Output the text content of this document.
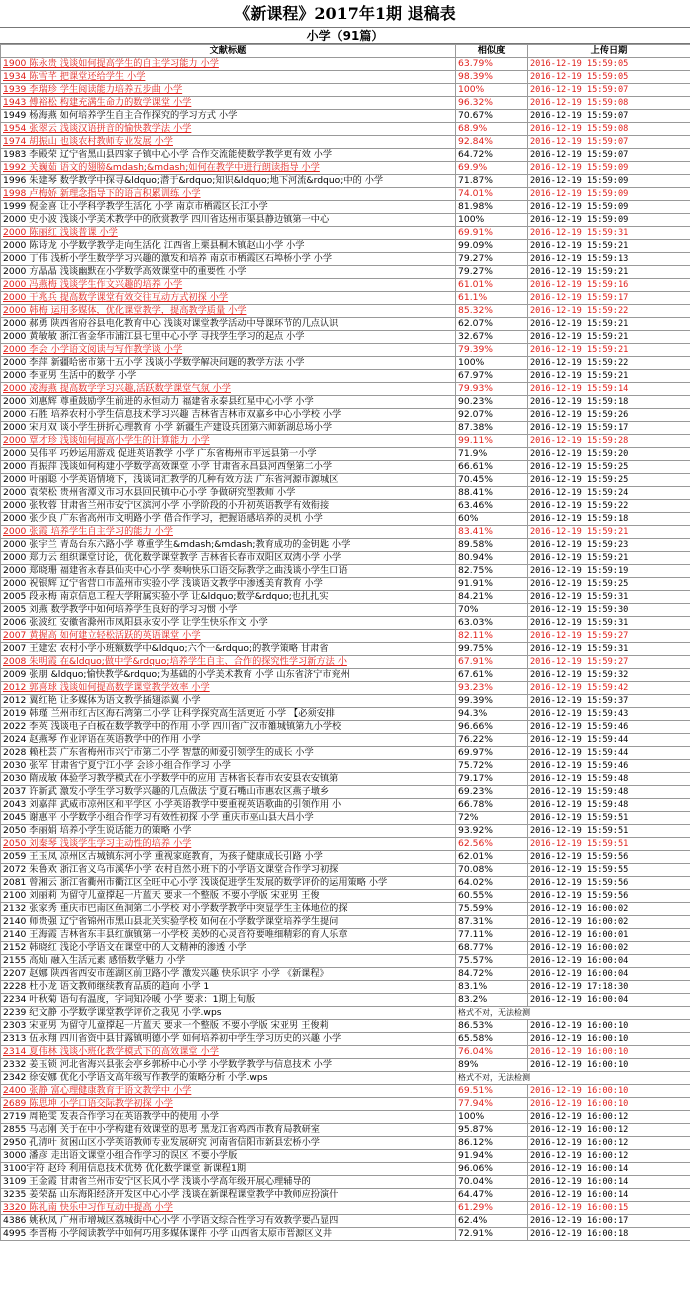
《新课程》2017年1期 退稿表
小学（91篇）
文献标题	相似度	上传日期
1900 陈永贵 浅谈如何提高学生的自主学习能力 小学	63.79%	2016-12-19 15:59:05
1934 陈雪芊 把课堂还给学生 小学	98.39%	2016-12-19 15:59:05
1939 李瑞珍 学生阅读能力培养五步曲 小学	100%	2016-12-19 15:59:07
1943 傅裕松 构建充满生命力的数学课堂 小学	96.32%	2016-12-19 15:59:08
1949 杨海燕 如何培养学生自主合作探究的学习方式 小学	70.67%	2016-12-19 15:59:07
1954 张翠云 浅谈汉语拼音的愉快教学法 小学	68.9%	2016-12-19 15:59:08
1974 胡振山 也谈农村教师专业发展 小学	92.84%	2016-12-19 15:59:07
1983 李殿荣 辽宁省黑山县四家子镇中心小学 合作交流能使数学教学更有效 小学	64.72%	2016-12-19 15:59:07
1992 关巍茹 语文的翅膀&mdash;&mdash;如何在教学中进行朗读指导 小学	69.9%	2016-12-19 15:59:09
1996 朱建琴 数学教学中探寻&ldquo;潜于&rdquo;知识&ldquo;地下河流&rdquo;中的 小学	71.87%	2016-12-19 15:59:09
1998 卢梅娇 新理念指导下的语言积累训练 小学	74.01%	2016-12-19 15:59:09
1999 倪金喜 让小学科学教学生活化 小学 南京市栖霞区长江小学	81.98%	2016-12-19 15:59:09
2000 史小波 浅谈小学美术教学中的欣赏教学 四川省达州市渠县静边镇第一中心	100%	2016-12-19 15:59:09
2000 陈丽红 浅谈普课 小学	69.91%	2016-12-19 15:59:31
2000 陈诗龙 小学数学教学走向生活化 江西省上栗县桐木镇赵山小学 小学	99.09%	2016-12-19 15:59:21
2000 丁伟 浅析小学生数学学习兴趣的激发和培养 南京市栖霞区石埠桥小学 小学	79.27%	2016-12-19 15:59:13
2000 方晶晶 浅谈幽默在小学数学高效课堂中的重要性 小学	79.27%	2016-12-19 15:59:21
2000 冯燕梅 浅谈学生作文兴趣的培养 小学	61.01%	2016-12-19 15:59:16
2000 干兆兵 提高数学课堂有效交往互动方式初探 小学	61.1%	2016-12-19 15:59:17
2000 韩梅 运用多媒体，优化课堂教学，提高教学质量 小学	85.32%	2016-12-19 15:59:22
2000 郝勇 陕西省府谷县电化教育中心 浅谈对课堂教学活动中导课环节的几点认识	62.07%	2016-12-19 15:59:21
2000 黄敏敏 浙江省金华市浦江县七里中心小学 寻找学生学习的起点 小学	32.67%	2016-12-19 15:59:21
2000 李会 小学语文阅读与写作教学谈 小学	79.39%	2016-12-19 15:59:21
2000 李萍 新疆哈密市第十五小学 浅谈小学数学解决问题的教学方法 小学	100%	2016-12-19 15:59:22
2000 李亚男 生活中的数学 小学	67.97%	2016-12-19 15:59:21
2000 凌海燕 提高数学学习兴趣,活跃数学课堂气氛 小学	79.93%	2016-12-19 15:59:14
2000 刘惠辉 尊重鼓励学生前进的永恒动力 福建省永泰县红星中心小学 小学	90.23%	2016-12-19 15:59:18
2000 石胜 培养农村小学生信息技术学习兴趣 吉林省吉林市双嘉乡中心小学校 小学	92.07%	2016-12-19 15:59:26
2000 宋月双 谈小学生拼折心理教育 小学 新疆生产建设兵团第六师新湖总场小学	87.38%	2016-12-19 15:59:17
2000 覃才珍 浅谈如何提高小学生的计算能力 小学	99.11%	2016-12-19 15:59:28
2000 吴伟平 巧妙运用游戏 促进英语教学 小学 广东省梅州市平远县第一小学	71.9%	2016-12-19 15:59:20
2000 肖振萍 浅谈如何构建小学数学高效课堂 小学 甘肃省永昌县河西堡第二小学	66.61%	2016-12-19 15:59:25
2000 叶丽聪 小学英语情境下，浅谈词汇教学的几种有效方法 广东省河源市源城区	70.45%	2016-12-19 15:59:25
2000 袁荣松 贵州省潭义市习水县回民镇中心小学 争做研究型教师 小学	88.41%	2016-12-19 15:59:24
2000 张牧蓉 甘肃省兰州市安宁区滨河小学 小学阶段的小升初英语教学有效衔接	63.46%	2016-12-19 15:59:22
2000 张少良 广东省高州市文明路小学 借合作学习，把握语感培养的灵机 小学	60%	2016-12-19 15:59:18
2000 张霞 培养学生自主学习的能力 小学	83.41%	2016-12-19 15:59:21
2000 张宇兰 青岛台东六路小学 尊重学生&mdash;&mdash;教育成功的金钥匙 小学	89.58%	2016-12-19 15:59:23
2000 郑力云 组织课堂讨论，优化数学课堂教学 吉林省长春市双阳区双湾小学 小学	80.94%	2016-12-19 15:59:21
2000 郑晓珊 福建省永春县仙夹中心小学 奏响快乐口语交际教学之曲浅谈小学生口语	82.75%	2016-12-19 15:59:19
2000 祝银辉 辽宁省营口市盖州市实验小学 浅谈语文教学中渗透美育教育 小学	91.91%	2016-12-19 15:59:25
2005 段永梅 南京信息工程大学附属实验小学 让&ldquo;数学&rdquo;也扎扎实	84.21%	2016-12-19 15:59:31
2005 刘燕 数学教学中如何培养学生良好的学习习惯 小学	70%	2016-12-19 15:59:30
2006 张波红 安徽省滁州市凤阳县永安小学 让学生快乐作文 小学	63.03%	2016-12-19 15:59:31
2007 黄握高 如何建立轻松活跃的英语课堂 小学	82.11%	2016-12-19 15:59:27
2007 王建宏 农村小学小班额数学中&ldquo;六个一&rdquo;的教学策略 甘肃省	99.75%	2016-12-19 15:59:31
2008 朱明霞 在&ldquo;做中学&rdquo;培养学生自主、合作的探究性学习新方法 小	67.91%	2016-12-19 15:59:27
2009 张朋 &ldquo;愉快教学&rdquo;为基础的小学美术教育 小学 山东省济宁市兖州	67.61%	2016-12-19 15:59:32
2012 郭喜球 浅谈如何提高数学课堂教学效率 小学	93.23%	2016-12-19 15:59:42
2012 翼红艳 让多媒体为语文教学插翅添翼 小学	99.39%	2016-12-19 15:59:37
2019 韩瑾 兰州市红古区海石湾第二小学 让科学探究高生活更近 小学 【必须安排	94.3%	2016-12-19 15:59:43
2022 李英 浅谈电子白板在数学教学中的作用 小学 四川省广汉市雒城镇第九小学校	96.66%	2016-12-19 15:59:46
2024 赵燕琴 作业评语在英语教学中的作用 小学	76.22%	2016-12-19 15:59:44
2028 赖杜芸 广东省梅州市兴宁市第二小学 智慧的师爱引领学生的成长 小学	69.97%	2016-12-19 15:59:44
2030 张军 甘肃省宁夏宁江小学 会诊小组合作学习 小学	75.72%	2016-12-19 15:59:46
2030 隋成敏 体验学习教学模式在小学数学中的应用 吉林省长春市农安县农安镇第	79.17%	2016-12-19 15:59:48
2037 许新武 激发小学生学习数学兴趣的几点做法 宁夏石嘴山市惠农区燕子墩乡	69.23%	2016-12-19 15:59:48
2043 刘嘉萍 武威市凉州区和平学区 小学英语教学中要重视英语歌曲的引领作用 小	66.78%	2016-12-19 15:59:48
2045 谢惠平 小学数学小组合作学习有效性初探 小学 重庆市巫山县大昌小学	72%	2016-12-19 15:59:51
2050 李丽娟 培养小学生说话能力的策略 小学	93.92%	2016-12-19 15:59:51
2050 刘秦琴 浅谈学生学习主动性的培养 小学	62.56%	2016-12-19 15:59:51
2059 王玉凤 凉州区古城镇东河小学 重视家庭教育，为孩子健康成长引路 小学	62.01%	2016-12-19 15:59:56
2072 朱鲁欢 浙江省义乌市溪华小学 农村自然小班下的小学语文课堂合作学习初探	70.08%	2016-12-19 15:59:55
2081 曾湘云 浙江省衢州市衢江区全旺中心小学 浅谈促进学生发展的数学评价的运用策略 小学	64.02%	2016-12-19 15:59:56
2100 刘丽莉 为留守儿童撑起一片蓝天 要求一个整版 不要小学版 宋亚男 王俊	60.55%	2016-12-19 15:59:56
2132 张家秀 重庆市巴南区鱼洞第二小学校 对小学数学教学中突显学生主体地位的探	75.59%	2016-12-19 16:00:02
2140 师贵强 辽宁省锦州市黑山县北关实验学校 如何在小学数学课堂培养学生提问	87.31%	2016-12-19 16:00:02
2140 王海霞 吉林省东丰县红旗镇第一小学校 美妙的心灵音符要唯细精彩的育人乐章	77.11%	2016-12-19 16:00:01
2152 韩晓红 浅论小学语文在课堂中的人文精神的渗透 小学	68.77%	2016-12-19 16:00:02
2155 高灿 融入生活元素 感悟数学魅力 小学	75.57%	2016-12-19 16:00:04
2207 赵娜 陕西省西安市莲湖区前卫路小学 激发兴趣 快乐识字 小学 《新课程》	84.72%	2016-12-19 16:00:04
2228 杜小龙 语文教师继续教育品质的趋向 小学 1	83.1%	2016-12-19 17:18:30
2234 叶秋菊 语句有温度，字词知冷暖 小学 要求：1期上旬版	83.2%	2016-12-19 16:00:04
2239 纪文静 小学数学课堂教学评价之我见 小学.wps	格式不对，无法检测	
2303 宋亚男 为留守儿童撑起一片蓝天 要求一个整版 不要小学版 宋亚男 王俊莉	86.53%	2016-12-19 16:00:10
2313 伍永翔 四川省资中县甘露镇明德小学 如何培养初中学生学习历史的兴趣 小学	65.58%	2016-12-19 16:00:10
2314 夏伟林 浅谈小班化教学模式下的高效课堂 小学	76.04%	2016-12-19 16:00:10
2332 姜玉锁 河北省海兴县张会亭乡郭桥中心小学 小学数学教学与信息技术 小学	89%	2016-12-19 16:00:10
2342 徐安娜 优化小学语文高年级写作教学的策略分析 小学.wps	格式不对，无法检测	
2400 张静 富心理健康教育于语文教学中 小学	69.51%	2016-12-19 16:00:10
2689 陈思坤 小学口语交际教学初探 小学	77.94%	2016-12-19 16:00:10
2719 周艳雯 发表合作学习在英语教学中的使用 小学	100%	2016-12-19 16:00:12
2855 马志刚 关于在中小学构建有效课堂的思考 黑龙江省鸡西市教育局教研室	95.87%	2016-12-19 16:00:12
2950 孔清叶 贫困山区小学英语教师专业发展研究 河南省信阳市新县宏桥小学	86.12%	2016-12-19 16:00:12
3000 潘彦 走出语文课堂小组合作学习的误区 不要小学版	91.94%	2016-12-19 16:00:12
3100宇符 赵玲 利用信息技术优势 优化数学课堂 新课程1期	96.06%	2016-12-19 16:00:14
3109 王金霞 甘肃省兰州市安宁区长风小学 浅谈小学高年级开展心理辅导的	70.04%	2016-12-19 16:00:14
3235 姜荣磊 山东海阳经济开发区中心小学 浅谈在新课程课堂教学中教师应扮演什	64.47%	2016-12-19 16:00:14
3320 陈礼南 快乐中习作互动中提高 小学	61.29%	2016-12-19 16:00:15
4386 姚秋凤 广州市增城区荔城街中心小学 小学语文综合性学习有效教学要凸显四	62.4%	2016-12-19 16:00:17
4995 李晋梅 小学阅读教学中如何巧用多媒体课件 小学 山西省太原市晋源区义井	72.91%	2016-12-19 16:00:18
